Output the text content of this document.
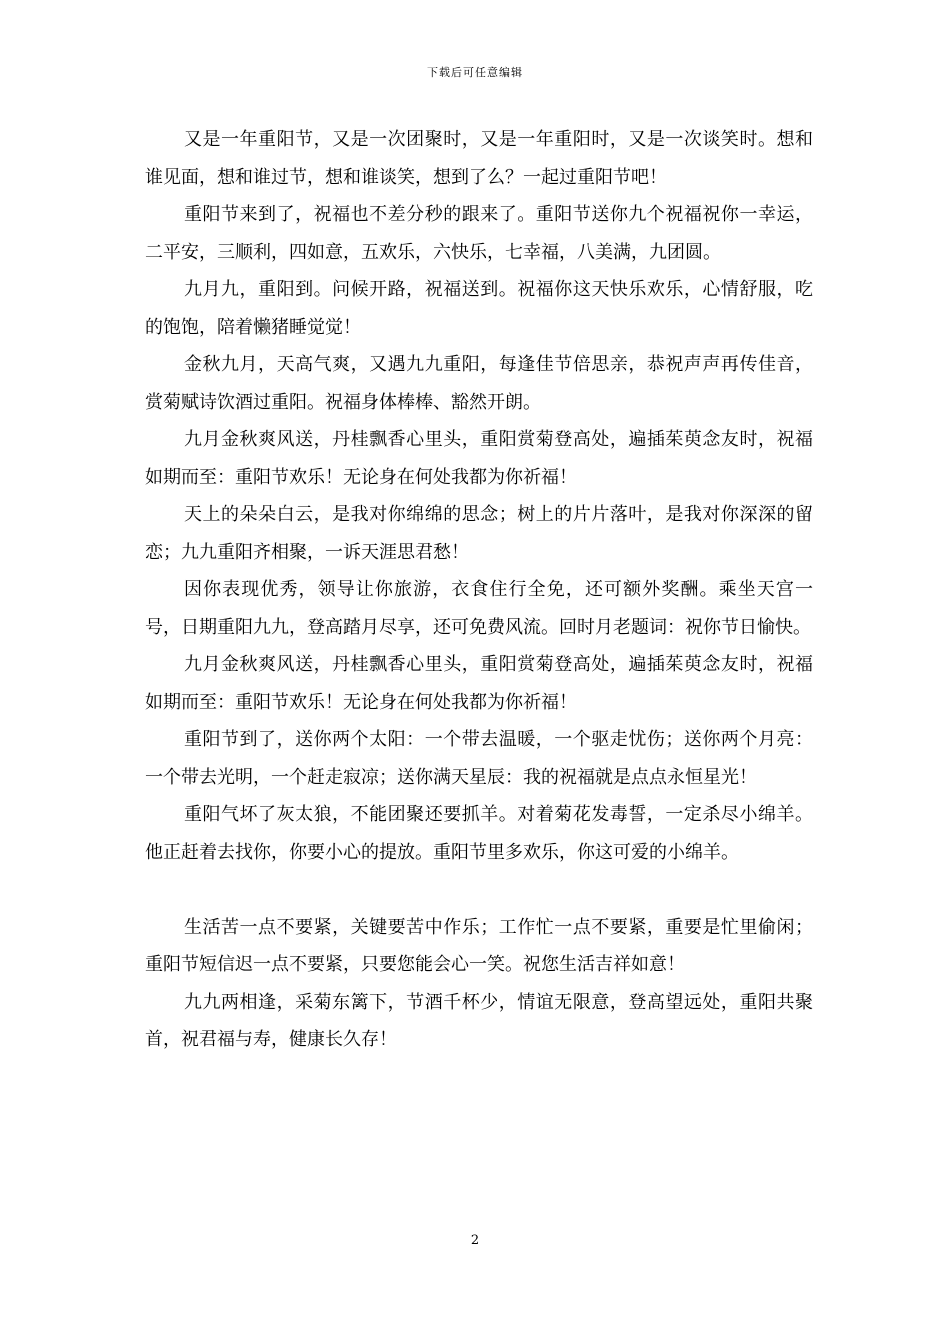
下载后可任意编辑

又是一年重阳节，又是一次团聚时，又是一年重阳时，又是一次谈笑时。想和谁见面，想和谁过节，想和谁谈笑，想到了么？一起过重阳节吧！

重阳节来到了，祝福也不差分秒的跟来了。重阳节送你九个祝福祝你一幸运，二平安，三顺利，四如意，五欢乐，六快乐，七幸福，八美满，九团圆。

九月九，重阳到。问候开路，祝福送到。祝福你这天快乐欢乐，心情舒服，吃的饱饱，陪着懒猪睡觉觉！

金秋九月，天高气爽，又遇九九重阳，每逢佳节倍思亲，恭祝声声再传佳音，赏菊赋诗饮酒过重阳。祝福身体棒棒、豁然开朗。

九月金秋爽风送，丹桂飘香心里头，重阳赏菊登高处，遍插茱萸念友时，祝福如期而至：重阳节欢乐！无论身在何处我都为你祈福！

天上的朵朵白云，是我对你绵绵的思念；树上的片片落叶，是我对你深深的留恋；九九重阳齐相聚，一诉天涯思君愁！

因你表现优秀，领导让你旅游，衣食住行全免，还可额外奖酬。乘坐天宫一号，日期重阳九九，登高踏月尽享，还可免费风流。回时月老题词：祝你节日愉快。

九月金秋爽风送，丹桂飘香心里头，重阳赏菊登高处，遍插茱萸念友时，祝福如期而至：重阳节欢乐！无论身在何处我都为你祈福！

重阳节到了，送你两个太阳：一个带去温暖，一个驱走忧伤；送你两个月亮：一个带去光明，一个赶走寂凉；送你满天星辰：我的祝福就是点点永恒星光！

重阳气坏了灰太狼，不能团聚还要抓羊。对着菊花发毒誓，一定杀尽小绵羊。他正赶着去找你，你要小心的提放。重阳节里多欢乐，你这可爱的小绵羊。

生活苦一点不要紧，关键要苦中作乐；工作忙一点不要紧，重要是忙里偷闲；重阳节短信迟一点不要紧，只要您能会心一笑。祝您生活吉祥如意！

九九两相逢，采菊东篱下，节酒千杯少，情谊无限意，登高望远处，重阳共聚首，祝君福与寿，健康长久存！

2
